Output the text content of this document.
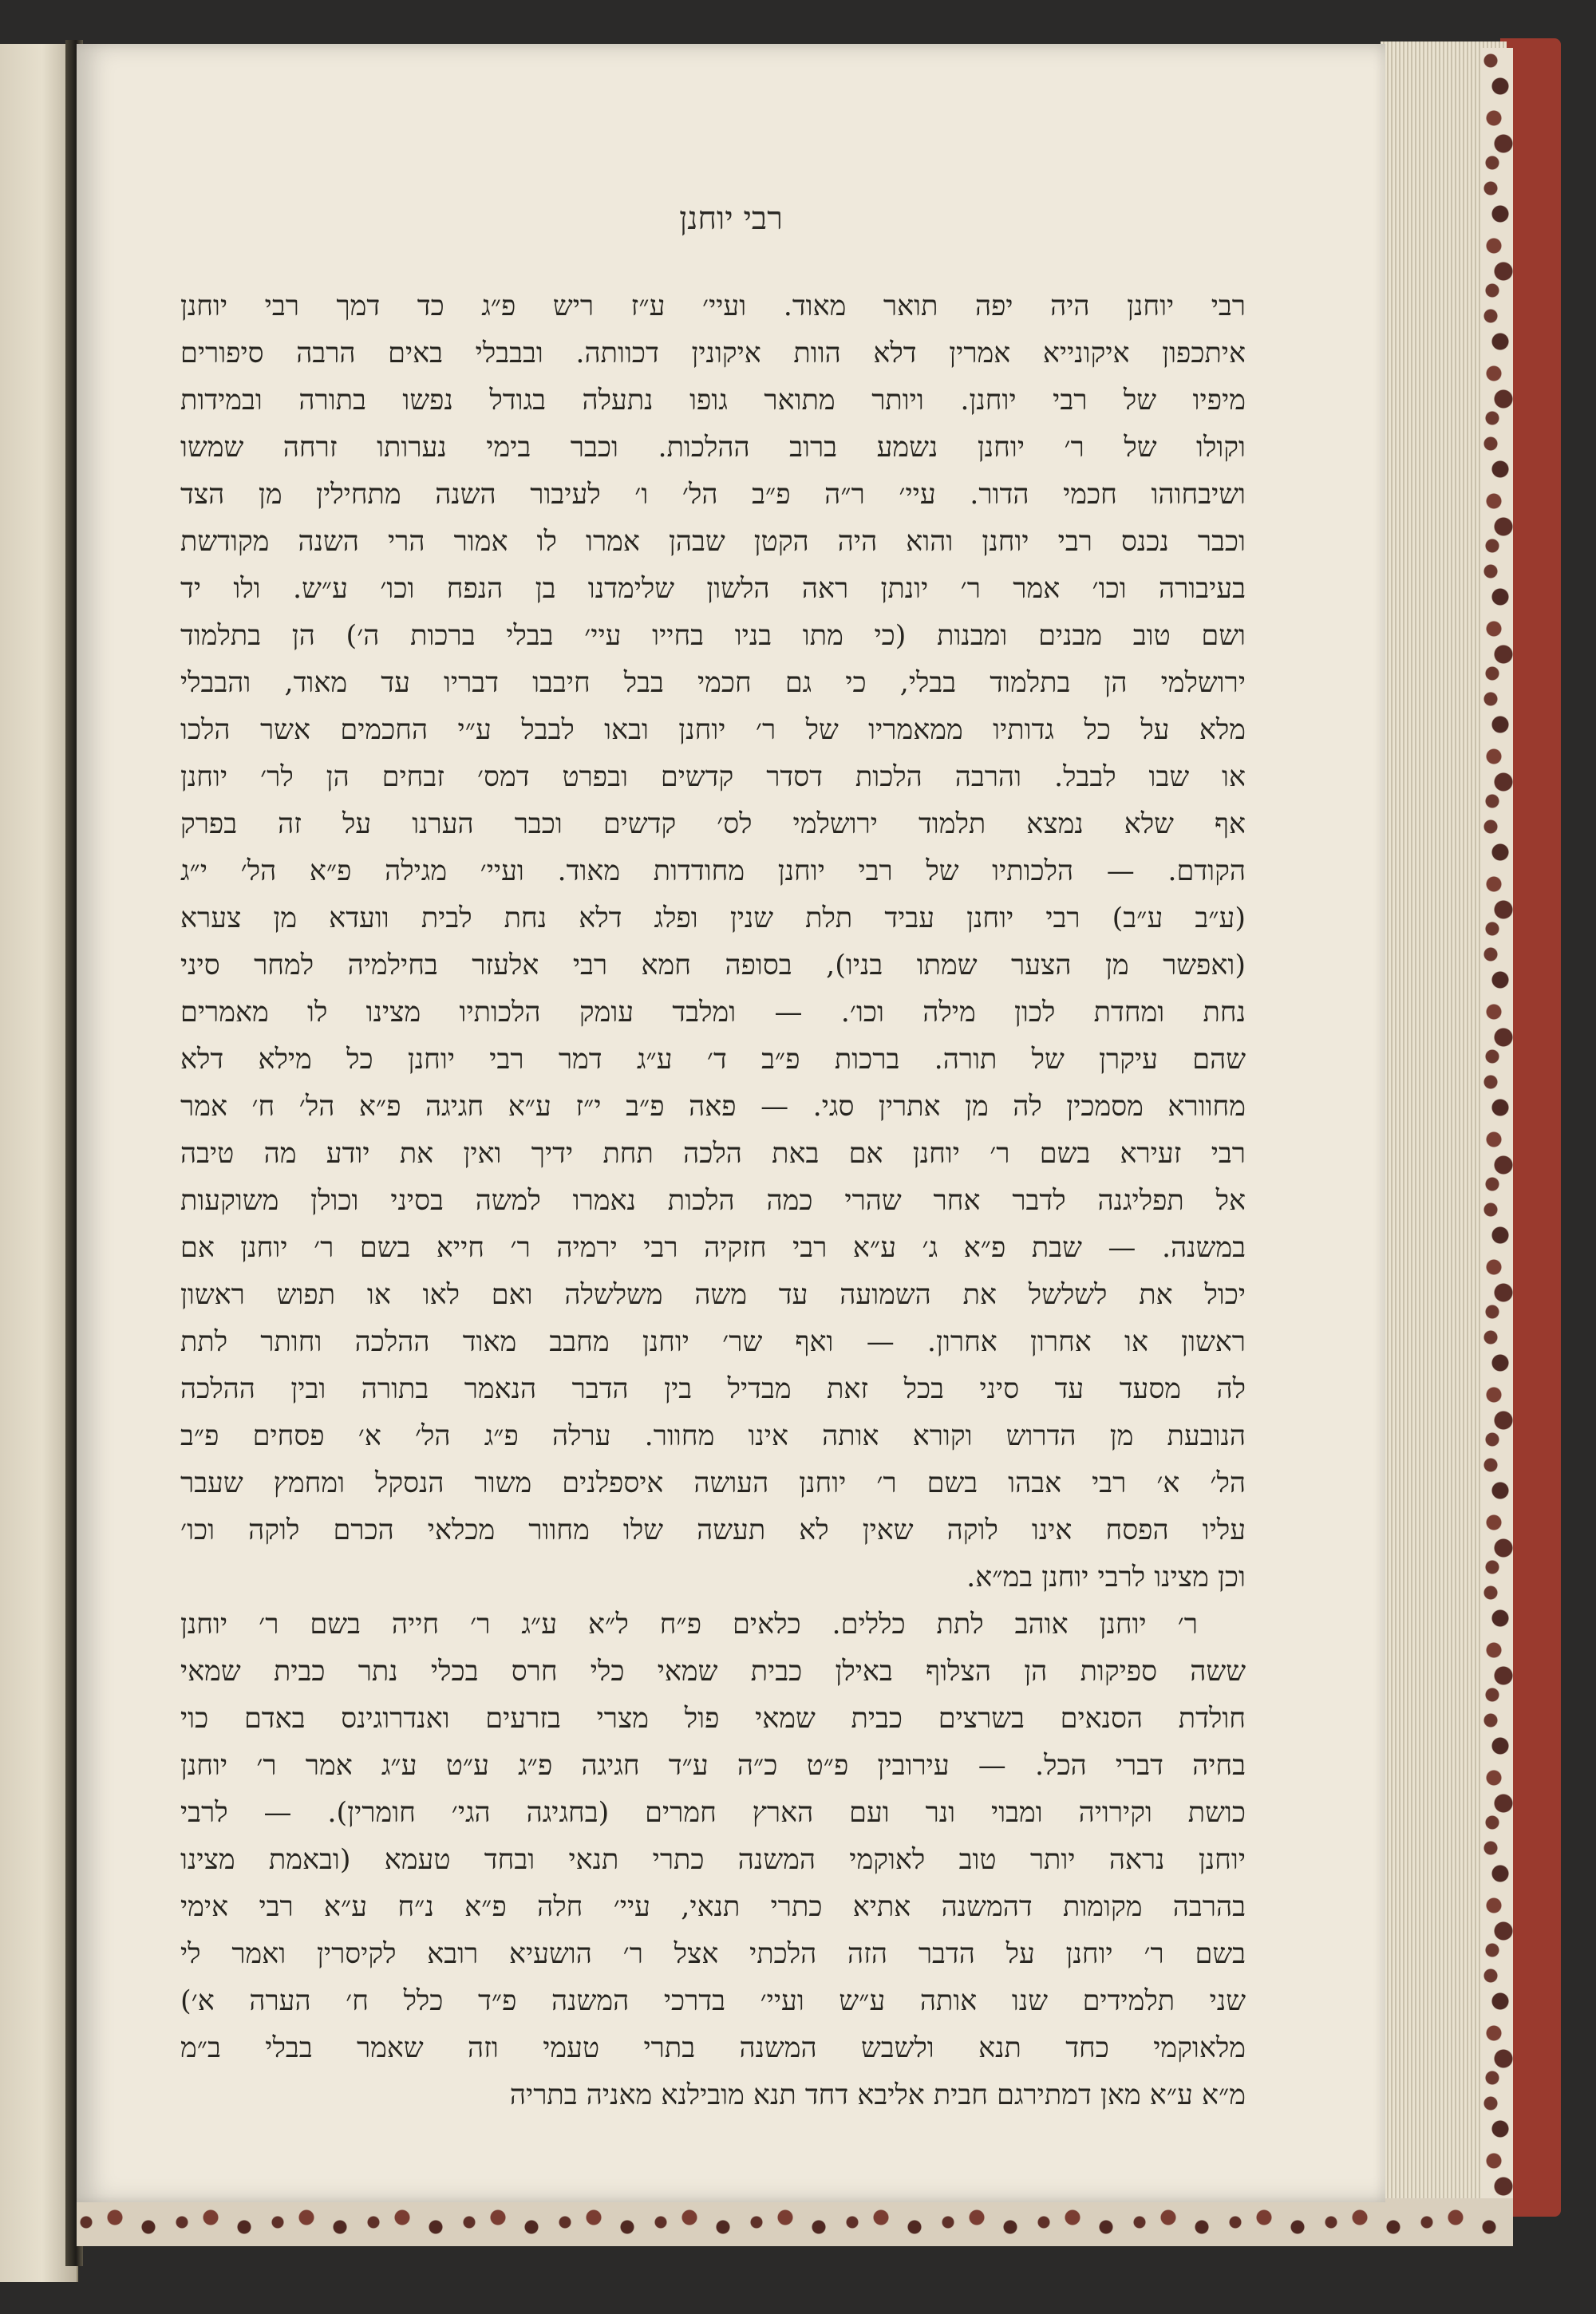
רבי יוחנן
רבי יוחנן היה יפה תואר מאוד. ועיי׳ ע״ז ריש פ״ג כד דמך רבי יוחנן
איתכפון איקונייא אמרין דלא הוות איקונין דכוותה. ובבבלי באים הרבה סיפורים
מיפיו של רבי יוחנן. ויותר מתואר גופו נתעלה בגודל נפשו בתורה ובמידות
וקולו של ר׳ יוחנן נשמע ברוב ההלכות. וכבר בימי נערותו זרחה שמשו
ושיבחוהו חכמי הדור. עיי׳ ר״ה פ״ב הל׳ ו׳ לעיבור השנה מתחילין מן הצד
וכבר נכנס רבי יוחנן והוא היה הקטן שבהן אמרו לו אמור הרי השנה מקודשת
בעיבורה וכו׳ אמר ר׳ יונתן ראה הלשון שלימדנו בן הנפח וכו׳ ע״ש. ולו יד
ושם טוב מבנים ומבנות (כי מתו בניו בחייו עיי׳ בבלי ברכות ה׳) הן בתלמוד
ירושלמי הן בתלמוד בבלי, כי גם חכמי בבל חיבבו דבריו עד מאוד, והבבלי
מלא על כל גדותיו ממאמריו של ר׳ יוחנן ובאו לבבל ע״י החכמים אשר הלכו
או שבו לבבל. והרבה הלכות דסדר קדשים ובפרט דמס׳ זבחים הן לר׳ יוחנן
אף שלא נמצא תלמוד ירושלמי לס׳ קדשים וכבר הערנו על זה בפרק
הקודם. — הלכותיו של רבי יוחנן מחודדות מאוד. ועיי׳ מגילה פ״א הל׳ י״ג
(ע״ב ע״ב) רבי יוחנן עביד תלת שנין ופלג דלא נחת לבית וועדא מן צערא
(ואפשר מן הצער שמתו בניו), בסופה חמא רבי אלעזר בחילמיה למחר סיני
נחת ומחדת לכון מילה וכו׳. — ומלבד עומק הלכותיו מצינו לו מאמרים
שהם עיקרן של תורה. ברכות פ״ב ד׳ ע״ג דמר רבי יוחנן כל מילא דלא
מחוורא מסמכין לה מן אתרין סגי. — פאה פ״ב י״ז ע״א חגיגה פ״א הל׳ ח׳ אמר
רבי זעירא בשם ר׳ יוחנן אם באת הלכה תחת ידיך ואין את יודע מה טיבה
אל תפליגנה לדבר אחר שהרי כמה הלכות נאמרו למשה בסיני וכולן משוקעות
במשנה. — שבת פ״א ג׳ ע״א רבי חזקיה רבי ירמיה ר׳ חייא בשם ר׳ יוחנן אם
יכול את לשלשל את השמועה עד משה משלשלה ואם לאו או תפוש ראשון
ראשון או אחרון אחרון. — ואף שר׳ יוחנן מחבב מאוד ההלכה וחותר לתת
לה מסעד עד סיני בכל זאת מבדיל בין הדבר הנאמר בתורה ובין ההלכה
הנובעת מן הדרוש וקורא אותה אינו מחוור. ערלה פ״ג הל׳ א׳ פסחים פ״ב
הל׳ א׳ רבי אבהו בשם ר׳ יוחנן העושה איספלנים משור הנסקל ומחמץ שעבר
עליו הפסח אינו לוקה שאין לא תעשה שלו מחוור מכלאי הכרם לוקה וכו׳
וכן מצינו לרבי יוחנן במ״א.
ר׳ יוחנן אוהב לתת כללים. כלאים פ״ח ל״א ע״ג ר׳ חייה בשם ר׳ יוחנן
ששה ספיקות הן הצלוף באילן כבית שמאי כלי חרס בכלי נתר כבית שמאי
חולדת הסנאים בשרצים כבית שמאי פול מצרי בזרעים ואנדרוגינס באדם כוי
בחיה דברי הכל. — עירובין פ״ט כ״ה ע״ד חגיגה פ״ג ע״ט ע״ג אמר ר׳ יוחנן
כושת וקירויה ומבוי ונר ועם הארץ חמרים (בחגיגה הגי׳ חומרין). — לרבי
יוחנן נראה יותר טוב לאוקמי המשנה כתרי תנאי ובחד טעמא (ובאמת מצינו
בהרבה מקומות דהמשנה אתיא כתרי תנאי, עיי׳ חלה פ״א נ״ח ע״א רבי אימי
בשם ר׳ יוחנן על הדבר הזה הלכתי אצל ר׳ הושעיא רובא לקיסרין ואמר לי
שני תלמידים שנו אותה ע״ש ועיי׳ בדרכי המשנה פ״ד כלל ח׳ הערה א׳)
מלאוקמי כחד תנא ולשבש המשנה בתרי טעמי וזה שאמר בבלי ב״מ
מ״א ע״א מאן דמתירגם חבית אליבא דחד תנא מובילנא מאניה בתריה
